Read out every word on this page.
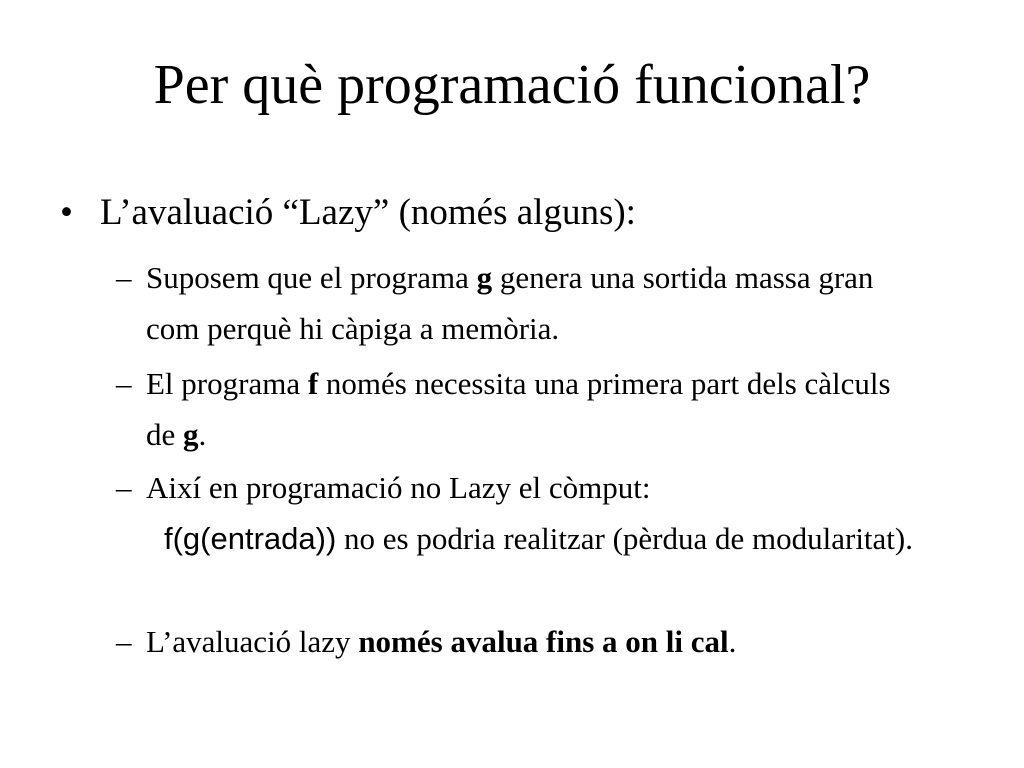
Per què programació funcional?
• L’avaluació “Lazy” (només alguns):
– Suposem que el programa g genera una sortida massa gran com perquè hi càpiga a memòria.
– El programa f només necessita una primera part dels càlculs de g.
– Així en programació no Lazy el còmput:
f(g(entrada)) no es podria realitzar (pèrdua de modularitat).
– L’avaluació lazy només avalua fins a on li cal.
